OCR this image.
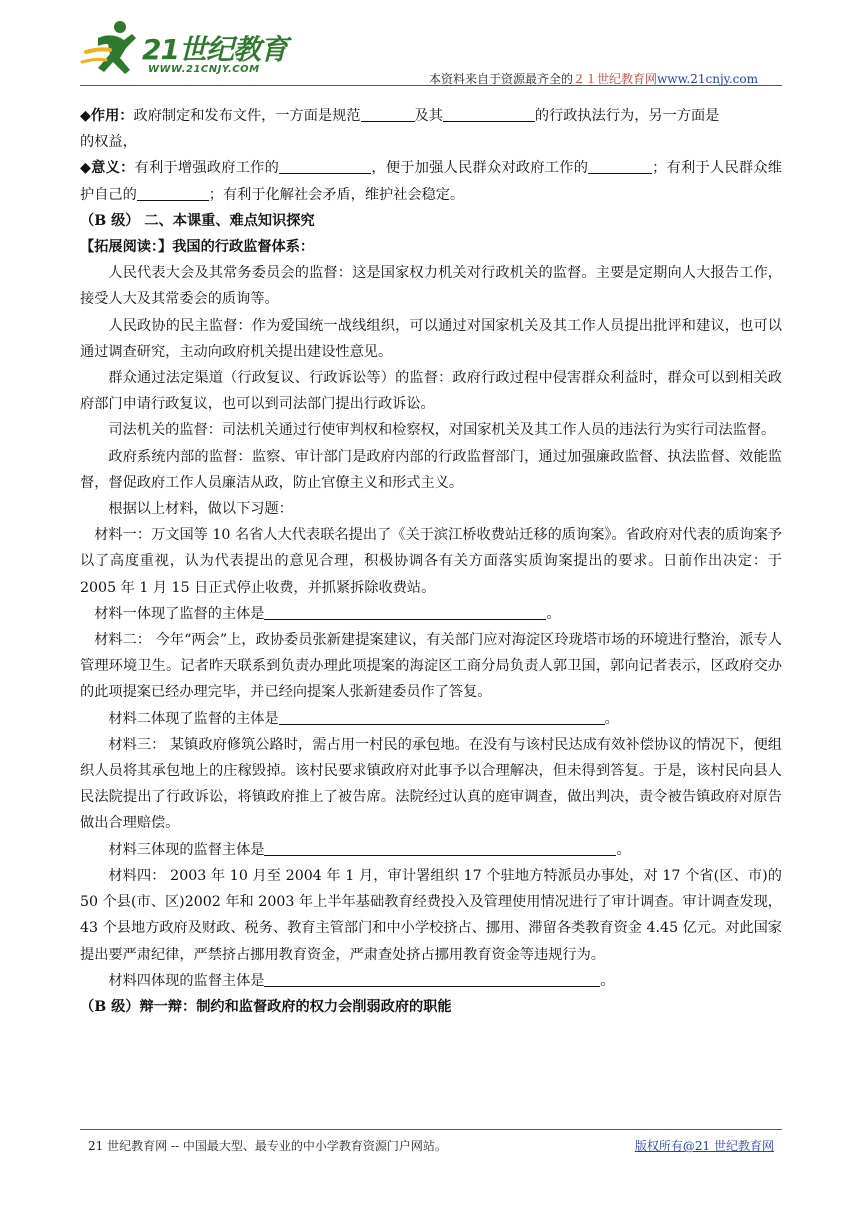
21世纪教育
WWW.21CNJY.COM
本资料来自于资源最齐全的２１世纪教育网www.21cnjy.com

◆作用：政府制定和发布文件，一方面是规范	及其	的行政执法行为，另一方面是
的权益，

◆意义：有利于增强政府工作的	，便于加强人民群众对政府工作的	；有利于人民群众维护自己的	；有利于化解社会矛盾，维护社会稳定。

（B 级） 二、本课重、难点知识探究

【拓展阅读：】我国的行政监督体系：

人民代表大会及其常务委员会的监督：这是国家权力机关对行政机关的监督。主要是定期向人大报告工作，接受人大及其常委会的质询等。

人民政协的民主监督：作为爱国统一战线组织，可以通过对国家机关及其工作人员提出批评和建议，也可以通过调查研究，主动向政府机关提出建设性意见。

群众通过法定渠道（行政复议、行政诉讼等）的监督：政府行政过程中侵害群众利益时，群众可以到相关政府部门申请行政复议，也可以到司法部门提出行政诉讼。

司法机关的监督：司法机关通过行使审判权和检察权，对国家机关及其工作人员的违法行为实行司法监督。

政府系统内部的监督：监察、审计部门是政府内部的行政监督部门，通过加强廉政监督、执法监督、效能监督，督促政府工作人员廉洁从政，防止官僚主义和形式主义。

根据以上材料，做以下习题：

材料一：万文国等 10 名省人大代表联名提出了《关于滨江桥收费站迁移的质询案》。省政府对代表的质询案予以了高度重视，认为代表提出的意见合理，积极协调各有关方面落实质询案提出的要求。日前作出决定：于 2005 年 1 月 15 日正式停止收费，并抓紧拆除收费站。

材料一体现了监督的主体是	。

材料二： 今年“两会”上，政协委员张新建提案建议，有关部门应对海淀区玲珑塔市场的环境进行整治，派专人管理环境卫生。记者昨天联系到负责办理此项提案的海淀区工商分局负责人郭卫国，郭向记者表示，区政府交办的此项提案已经办理完毕，并已经向提案人张新建委员作了答复。

材料二体现了监督的主体是	。

材料三： 某镇政府修筑公路时，需占用一村民的承包地。在没有与该村民达成有效补偿协议的情况下，便组织人员将其承包地上的庄稼毁掉。该村民要求镇政府对此事予以合理解决，但未得到答复。于是，该村民向县人民法院提出了行政诉讼，将镇政府推上了被告席。法院经过认真的庭审调查，做出判决，责令被告镇政府对原告做出合理赔偿。

材料三体现的监督主体是	。

材料四： 2003 年 10 月至 2004 年 1 月，审计署组织 17 个驻地方特派员办事处，对 17 个省(区、市)的 50 个县(市、区)2002 年和 2003 年上半年基础教育经费投入及管理使用情况进行了审计调查。审计调查发现，43 个县地方政府及财政、税务、教育主管部门和中小学校挤占、挪用、滞留各类教育资金 4.45 亿元。对此国家提出要严肃纪律，严禁挤占挪用教育资金，严肃查处挤占挪用教育资金等违规行为。

材料四体现的监督主体是	。

（B 级）辩一辩：制约和监督政府的权力会削弱政府的职能

21 世纪教育网 -- 中国最大型、最专业的中小学教育资源门户网站。	版权所有@21 世纪教育网
